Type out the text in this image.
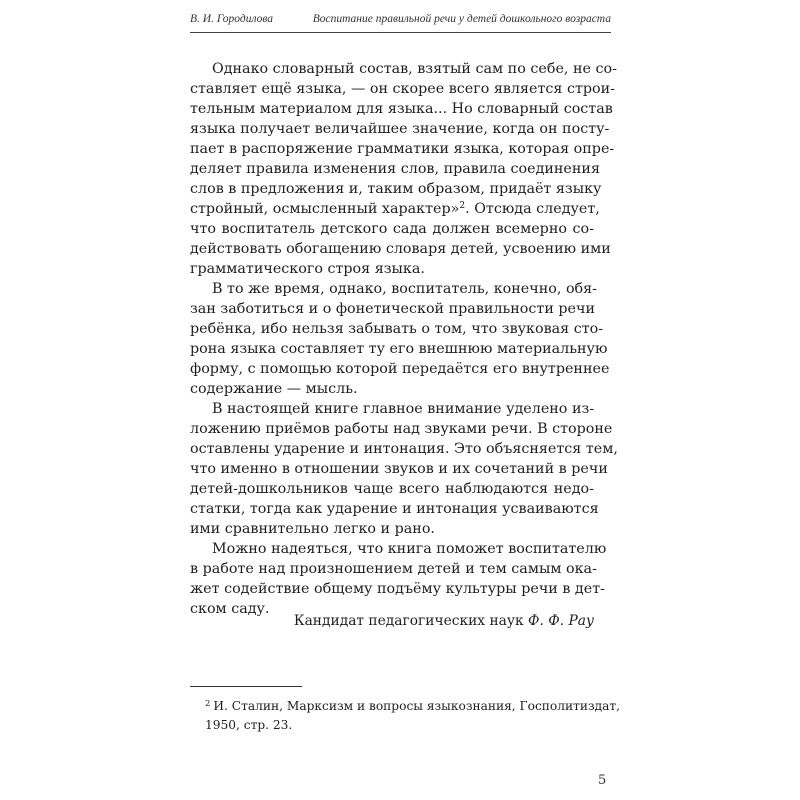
В. И. Городилова	Воспитание правильной речи у детей дошкольного возраста
Однако словарный состав, взятый сам по себе, не со-
ставляет ещё языка, — он скорее всего является строи-
тельным материалом для языка... Но словарный состав
языка получает величайшее значение, когда он посту-
пает в распоряжение грамматики языка, которая опре-
деляет правила изменения слов, правила соединения
слов в предложения и, таким образом, придаёт языку
стройный, осмысленный характер»$^2$. Отсюда следует,
что воспитатель детского сада должен всемерно со-
действовать обогащению словаря детей, усвоению ими
грамматического строя языка.
В то же время, однако, воспитатель, конечно, обя-
зан заботиться и о фонетической правильности речи
ребёнка, ибо нельзя забывать о том, что звуковая сто-
рона языка составляет ту его внешнюю материальную
форму, с помощью которой передаётся его внутреннее
содержание — мысль.
В настоящей книге главное внимание уделено из-
ложению приёмов работы над звуками речи. В стороне
оставлены ударение и интонация. Это объясняется тем,
что именно в отношении звуков и их сочетаний в речи
детей-дошкольников чаще всего наблюдаются недо-
статки, тогда как ударение и интонация усваиваются
ими сравнительно легко и рано.
Можно надеяться, что книга поможет воспитателю
в работе над произношением детей и тем самым ока-
жет содействие общему подъёму культуры речи в дет-
ском саду.
Кандидат педагогических наук Ф. Ф. Рау
$^2$ И. Сталин, Марксизм и вопросы языкознания, Госполитиздат,
1950, стр. 23.
5
